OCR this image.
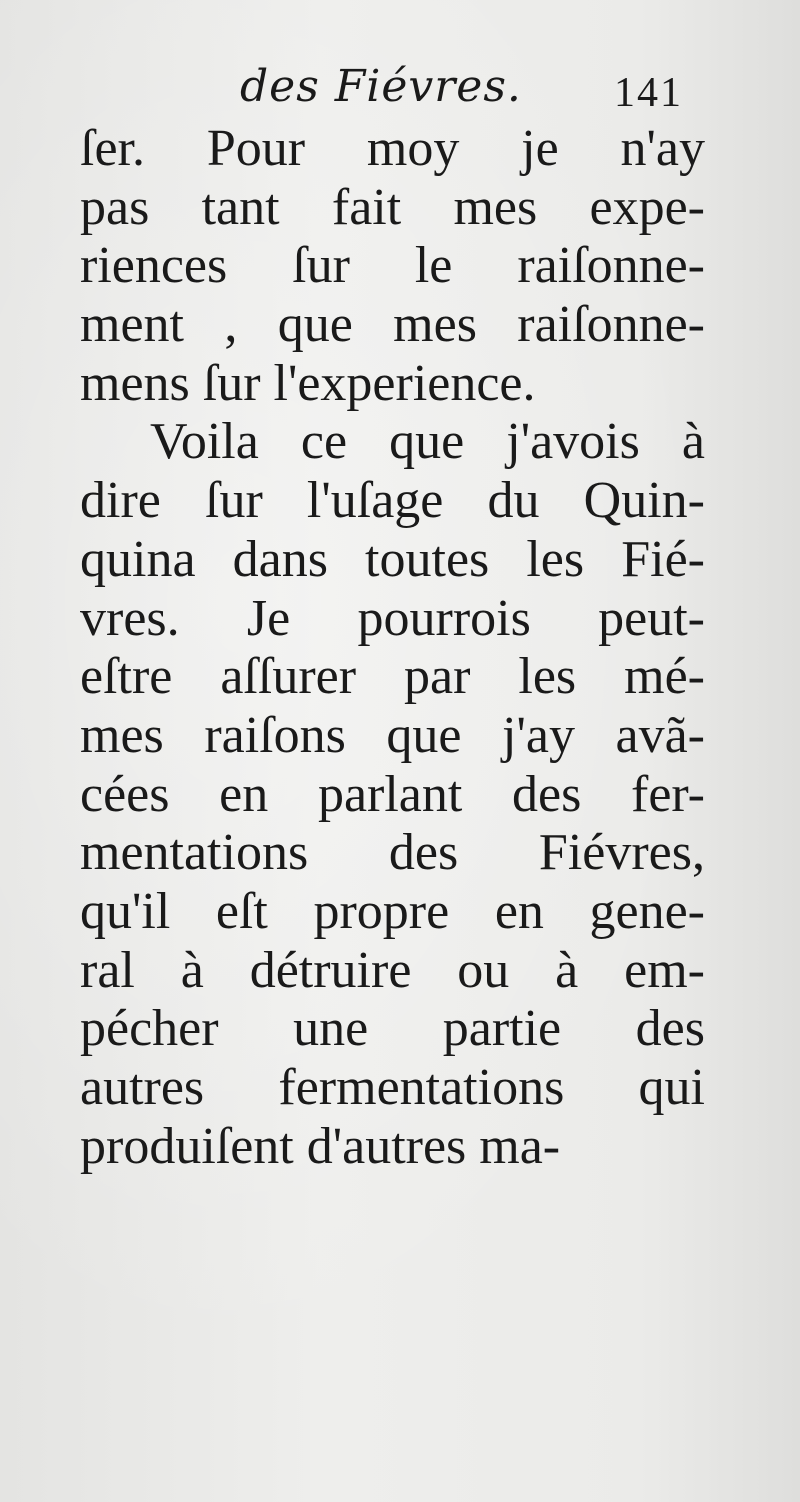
des Fiévres. 141
ſer. Pour moy je n'ay
pas tant fait mes expe-
riences ſur le raiſonne-
ment , que mes raiſonne-
mens ſur l'experience.
Voila ce que j'avois à
dire ſur l'uſage du Quin-
quina dans toutes les Fié-
vres. Je pourrois peut-
eſtre aſſurer par les mé-
mes raiſons que j'ay avã-
cées en parlant des fer-
mentations des Fiévres,
qu'il eſt propre en gene-
ral à détruire ou à em-
pécher une partie des
autres fermentations qui
produiſent d'autres ma-
